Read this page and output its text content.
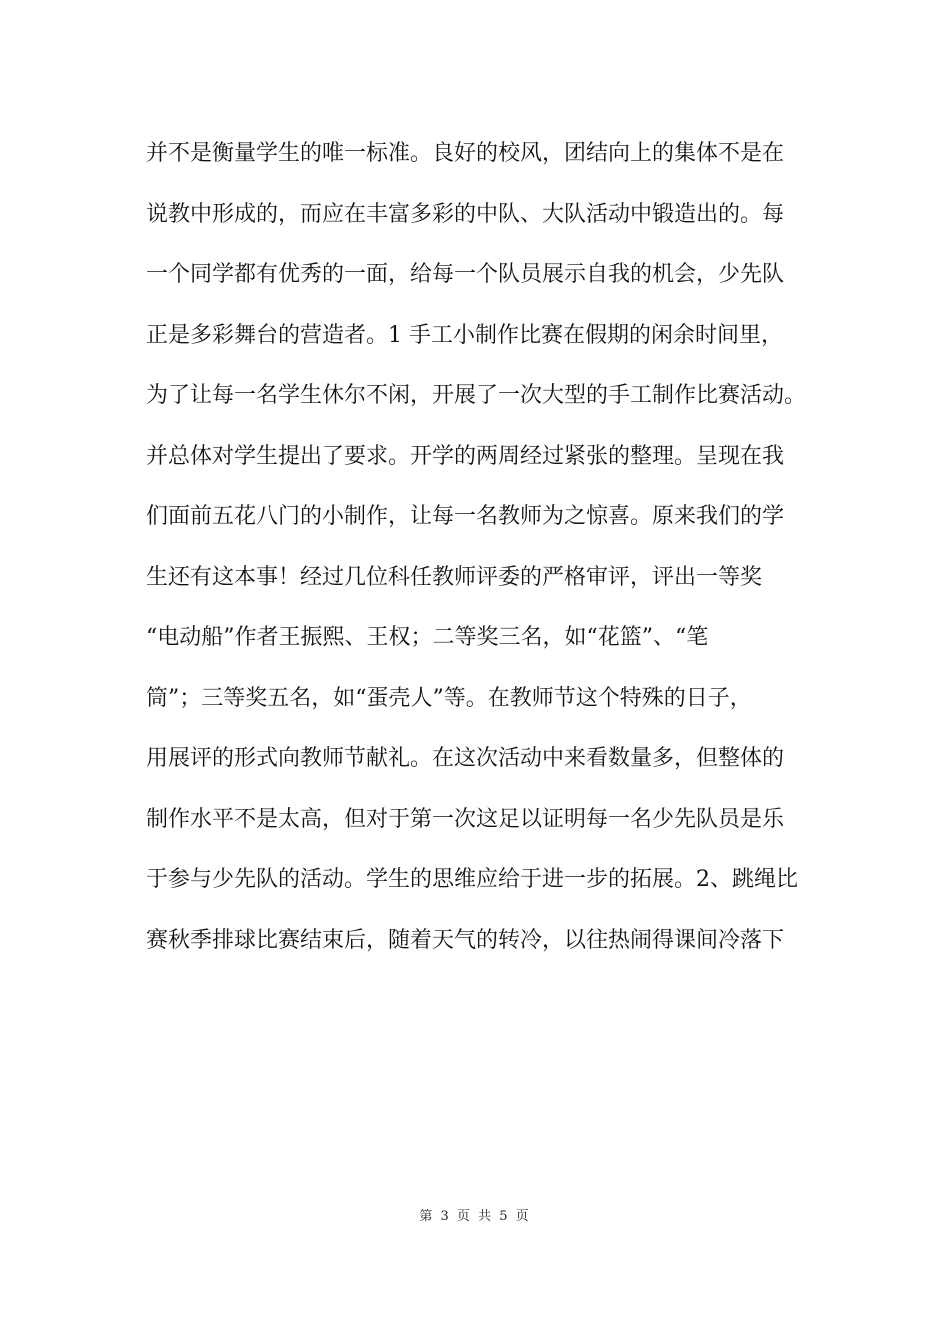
并不是衡量学生的唯一标准。良好的校风，团结向上的集体不是在
说教中形成的，而应在丰富多彩的中队、大队活动中锻造出的。每
一个同学都有优秀的一面，给每一个队员展示自我的机会，少先队
正是多彩舞台的营造者。1 手工小制作比赛在假期的闲余时间里，
为了让每一名学生休尔不闲，开展了一次大型的手工制作比赛活动。
并总体对学生提出了要求。开学的两周经过紧张的整理。呈现在我
们面前五花八门的小制作，让每一名教师为之惊喜。原来我们的学
生还有这本事！经过几位科任教师评委的严格审评，评出一等奖
“电动船”作者王振熙、王权；二等奖三名，如“花篮”、“笔
筒”；三等奖五名，如“蛋壳人”等。在教师节这个特殊的日子，
用展评的形式向教师节献礼。在这次活动中来看数量多，但整体的
制作水平不是太高，但对于第一次这足以证明每一名少先队员是乐
于参与少先队的活动。学生的思维应给于进一步的拓展。2、跳绳比
赛秋季排球比赛结束后，随着天气的转冷，以往热闹得课间冷落下
第 3 页 共 5 页
